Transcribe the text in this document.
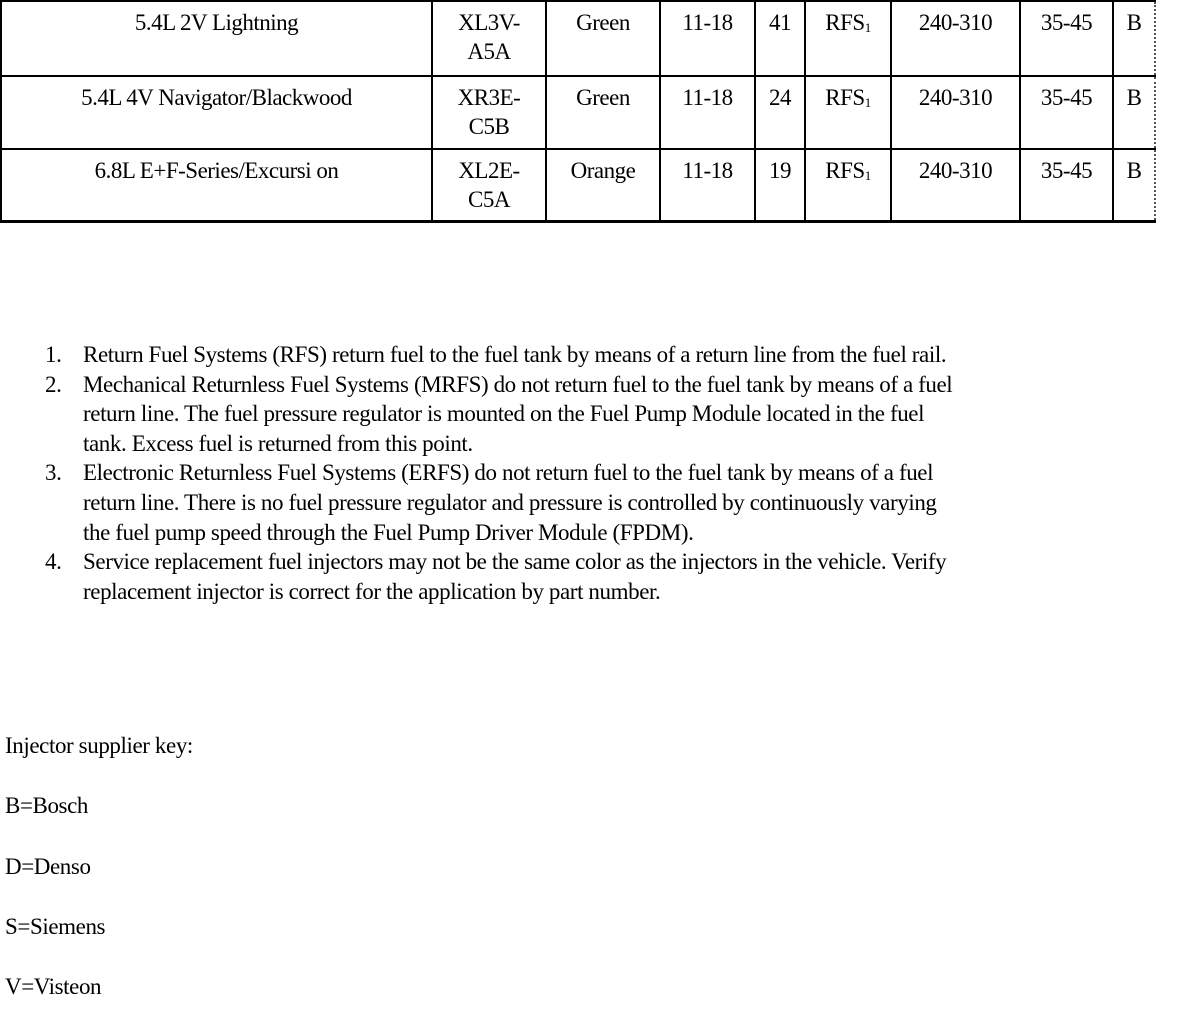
5.4L 2V Lightning	XL3V-
A5A	Green	11-18	41	$RFS_1$	240-310	35-45	B
5.4L 4V Navigator/Blackwood	XR3E-
C5B	Green	11-18	24	$RFS_1$	240-310	35-45	B
6.8L E+F-Series/Excursi on	XL2E-
C5A	Orange	11-18	19	$RFS_1$	240-310	35-45	B
Return Fuel Systems (RFS) return fuel to the fuel tank by means of a return line from the fuel rail.
Mechanical Returnless Fuel Systems (MRFS) do not return fuel to the fuel tank by means of a fuel return line. The fuel pressure regulator is mounted on the Fuel Pump Module located in the fuel tank. Excess fuel is returned from this point.
Electronic Returnless Fuel Systems (ERFS) do not return fuel to the fuel tank by means of a fuel return line. There is no fuel pressure regulator and pressure is controlled by continuously varying the fuel pump speed through the Fuel Pump Driver Module (FPDM).
Service replacement fuel injectors may not be the same color as the injectors in the vehicle. Verify replacement injector is correct for the application by part number.

Injector supplier key:

B=Bosch

D=Denso

S=Siemens

V=Visteon
